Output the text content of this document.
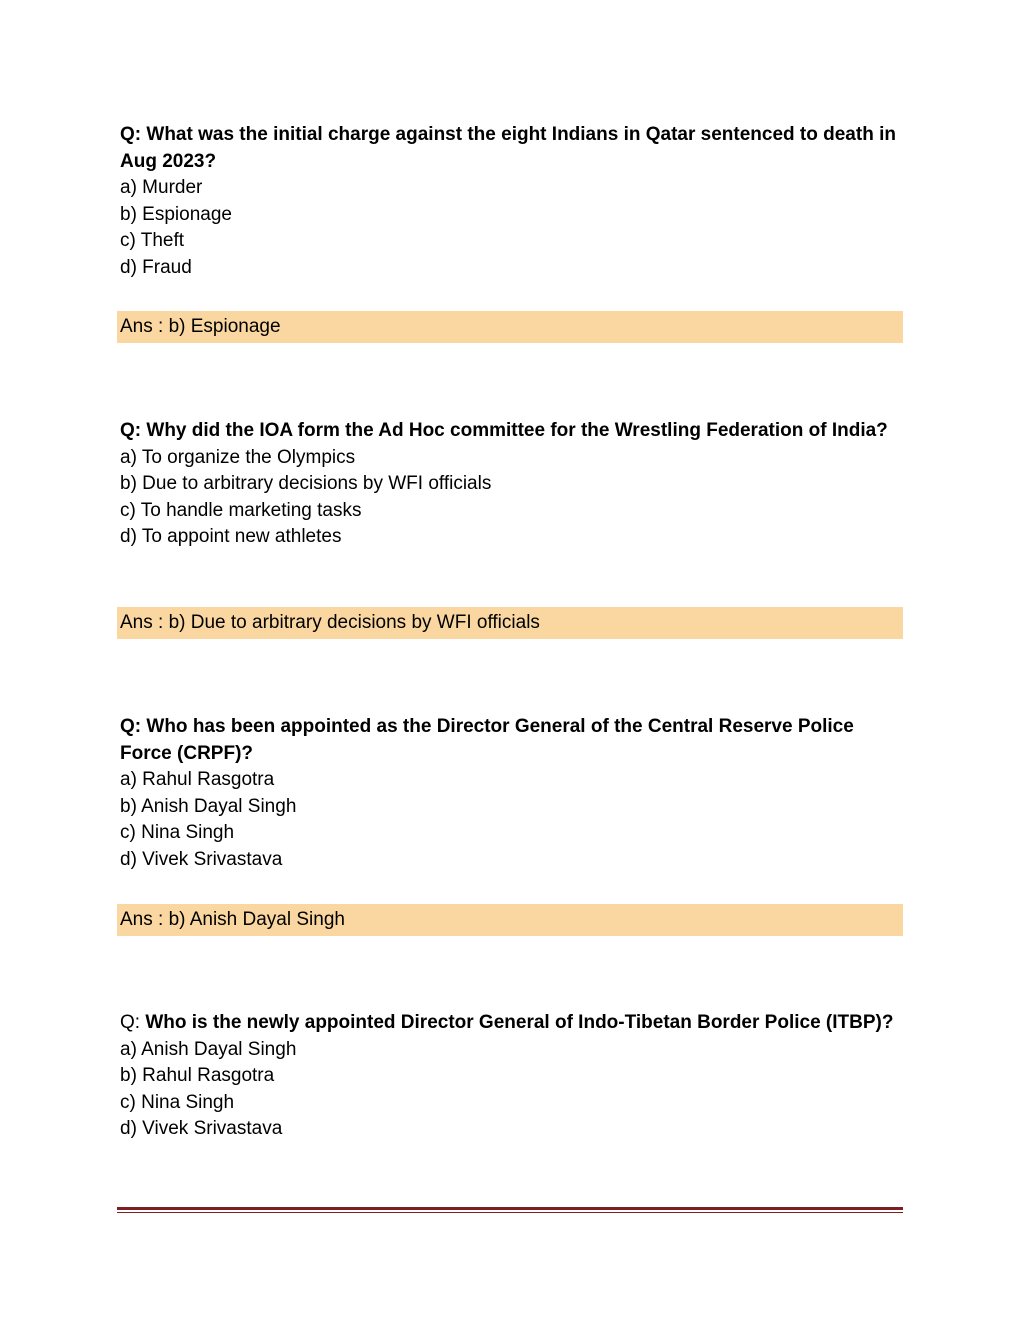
Q: What was the initial charge against the eight Indians in Qatar sentenced to death in Aug 2023?

a) Murder

b) Espionage

c) Theft

d) Fraud

Ans : b) Espionage

Q: Why did the IOA form the Ad Hoc committee for the Wrestling Federation of India?

a) To organize the Olympics

b) Due to arbitrary decisions by WFI officials

c) To handle marketing tasks

d) To appoint new athletes

Ans : b) Due to arbitrary decisions by WFI officials

Q: Who has been appointed as the Director General of the Central Reserve Police Force (CRPF)?

a) Rahul Rasgotra

b) Anish Dayal Singh

c) Nina Singh

d) Vivek Srivastava

Ans : b) Anish Dayal Singh

Q: Who is the newly appointed Director General of Indo-Tibetan Border Police (ITBP)?

a) Anish Dayal Singh

b) Rahul Rasgotra

c) Nina Singh

d) Vivek Srivastava
